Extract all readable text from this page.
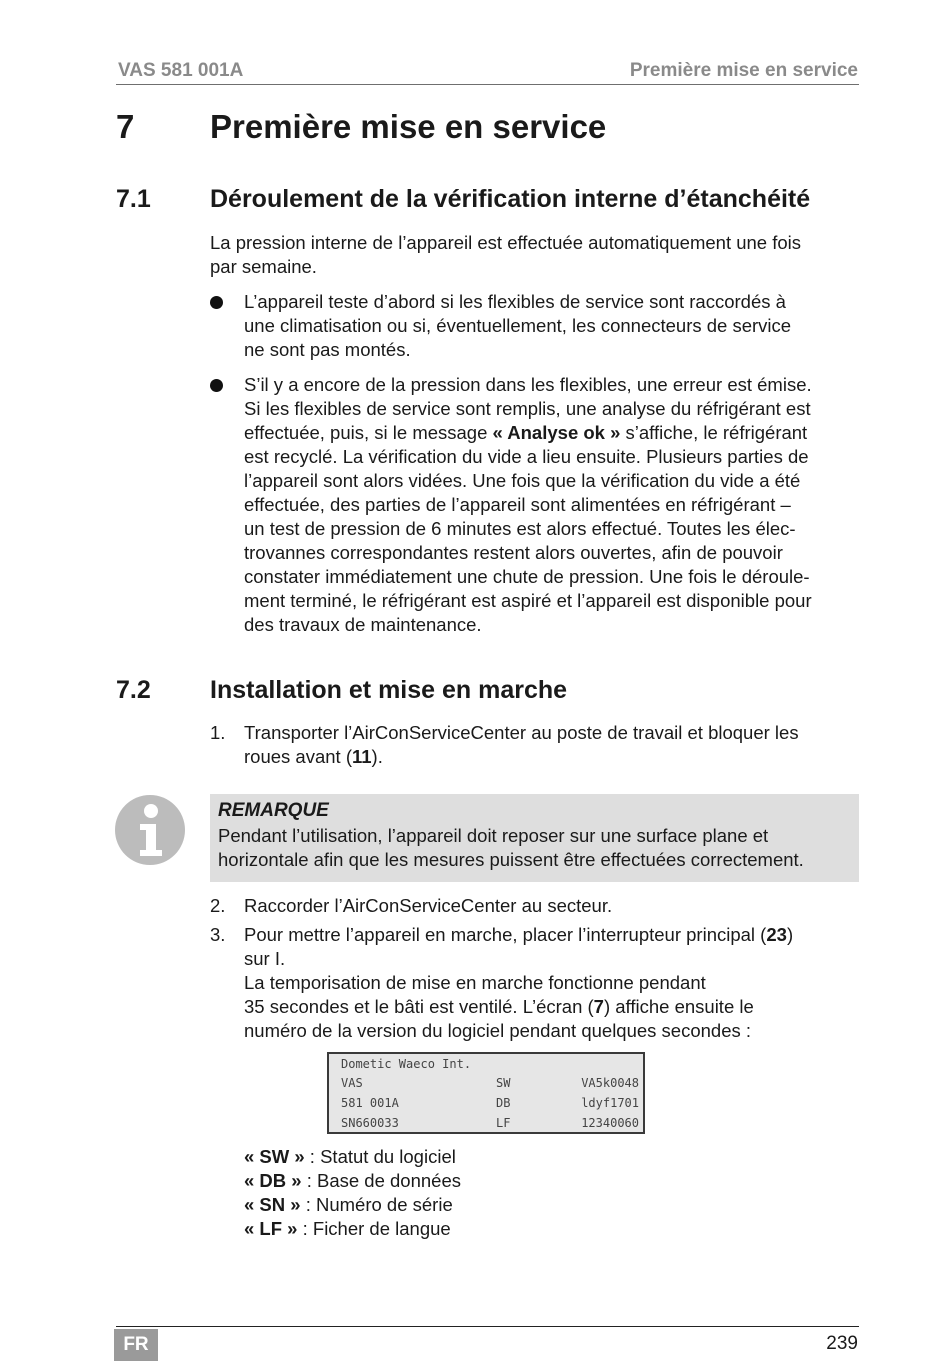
VAS 581 001A	Première mise en service
7 Première mise en service
7.1 Déroulement de la vérification interne d’étanchéité
La pression interne de l’appareil est effectuée automatiquement une fois
par semaine.
L’appareil teste d’abord si les flexibles de service sont raccordés à
une climatisation ou si, éventuellement, les connecteurs de service
ne sont pas montés.
S’il y a encore de la pression dans les flexibles, une erreur est émise.
Si les flexibles de service sont remplis, une analyse du réfrigérant est
effectuée, puis, si le message « Analyse ok » s’affiche, le réfrigérant
est recyclé. La vérification du vide a lieu ensuite. Plusieurs parties de
l’appareil sont alors vidées. Une fois que la vérification du vide a été
effectuée, des parties de l’appareil sont alimentées en réfrigérant –
un test de pression de 6 minutes est alors effectué. Toutes les élec-
trovannes correspondantes restent alors ouvertes, afin de pouvoir
constater immédiatement une chute de pression. Une fois le déroule-
ment terminé, le réfrigérant est aspiré et l’appareil est disponible pour
des travaux de maintenance.
7.2 Installation et mise en marche
1. Transporter l’AirConServiceCenter au poste de travail et bloquer les
roues avant (11).
REMARQUE
Pendant l’utilisation, l’appareil doit reposer sur une surface plane et
horizontale afin que les mesures puissent être effectuées correctement.
2. Raccorder l’AirConServiceCenter au secteur.
3. Pour mettre l’appareil en marche, placer l’interrupteur principal (23)
sur I.
La temporisation de mise en marche fonctionne pendant
35 secondes et le bâti est ventilé. L’écran (7) affiche ensuite le
numéro de la version du logiciel pendant quelques secondes :
Dometic Waeco Int.
VAS	SW	VA5k0048
581 001A	DB	ldyf1701
SN660033	LF	12340060
« SW » : Statut du logiciel
« DB » : Base de données
« SN » : Numéro de série
« LF » : Ficher de langue
FR	239
